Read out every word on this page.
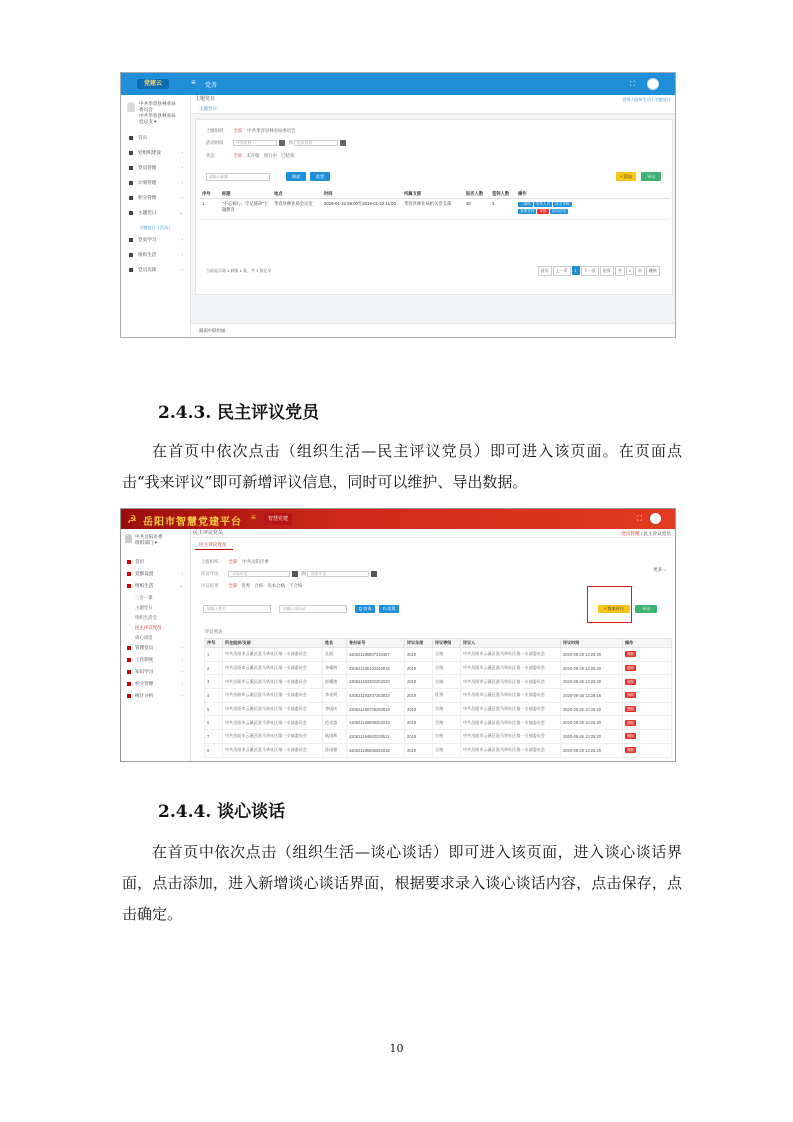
党建云	≡ 党务	⛶
中共华容县林业局
委员会
中共华容县林业局
党总支 ▾
首页
党组织建设	‹
党员管理	‹
计划管理	‹
积分管理	‹
主题党日	⌄
主题党日（活动）
党史学习	‹
组织生活	‹
党员先锋	‹
主题党日	党务 / 组织生活 / 主题党日
主题党日
上级组织 全部 中共华容县林业局委员会
活动时间	开始时间	到 结束时间
状态	全部 未开始 进行中 已结束
请输入标题	搜索	重置	+ 添加	导出
序号	标题	地点	时间	所属支部	报名人数	签到人数	操作
1	"不忘初心，牢记使命"主题教育	华容县林业局会议室	2019-01-22 09:00至2019-01-22 11:00	华容县林业局机关党支部	30	3	二维码 发布人员 报名审核
查看签到 详情 活动总结
当前显示第 1 到第 1 条，共 1 条记录	首页 上一页 1 下一页 尾页 共 1 页 跳转
湖南中联恒通
2.4.3. 民主评议党员
在首页中依次点击（组织生活—民主评议党员）即可进入该页面。在页面点击“我来评议”即可新增评议信息，同时可以维护、导出数据。
☭ 岳阳市智慧党建平台 ≡	智慧党建	⛶
中共岳阳市委
组织部门 ▾
首页
党群设置	‹
组织生活	⌄
三会一课
主题党日
组织生活会
民主评议党员
谈心谈话
管理党员	‹
工作制度	‹
知识学习	‹
积分管理	‹
统计分析	‹
民主评议党员	党员管理 / 民主评议党员
民主评议党员
上级组织 全部 中共岳阳市委
评议年度	开始年度	到 结束年度
评议结果 全部 优秀 合格 基本合格 不合格
更多 ⌵
请输入姓名	请输入身份证	Q 查询	O 重置	+ 我来评议	导出
评议列表
序号	所在组织/支部	姓名	身份证号	评议年度	评议等级	评议人	评议时间	操作
1	中共岳阳市云溪区洗马华社区第一支部委员会	孔阳	430621195807210467	2019	合格	中共岳阳市云溪区洗马华社区第一支部委员会	2020-09-25 13:26:20	删除
2	中共岳阳市云溪区洗马华社区第一支部委员会	李耀明	430621195102240016	2019	合格	中共岳阳市云溪区洗马华社区第一支部委员会	2020-09-25 13:26:20	删除
3	中共岳阳市云溪区洗马华社区第一支部委员会	彭耀康	430621193202202020	2019	合格	中共岳阳市云溪区洗马华社区第一支部委员会	2020-09-25 13:26:20	删除
4	中共岳阳市云溪区洗马华社区第一支部委员会	李光明	430621193207253033	2019	优秀	中共岳阳市云溪区洗马华社区第一支部委员会	2020-09-25 13:26:16	删除
5	中共岳阳市云溪区洗马华社区第一支部委员会	李国庆	430621195705250019	2019	合格	中共岳阳市云溪区洗马华社区第一支部委员会	2020-09-25 13:25:20	删除
6	中共岳阳市云溪区洗马华社区第一支部委员会	范光富	430621196509202019	2019	合格	中共岳阳市云溪区洗马华社区第一支部委员会	2020-09-25 13:25:20	删除
7	中共岳阳市云溪区洗马华社区第一支部委员会	耿国辉	430621194502230511	2019	合格	中共岳阳市云溪区洗马华社区第一支部委员会	2020-09-25 13:25:20	删除
8	中共岳阳市云溪区洗马华社区第一支部委员会	孙国强	430621195506052018	2019	合格	中共岳阳市云溪区洗马华社区第一支部委员会	2020-09-25 13:25:20	删除
2.4.4. 谈心谈话
在首页中依次点击（组织生活—谈心谈话）即可进入该页面，进入谈心谈话界面，点击添加，进入新增谈心谈话界面，根据要求录入谈心谈话内容，点击保存，点击确定。
10
